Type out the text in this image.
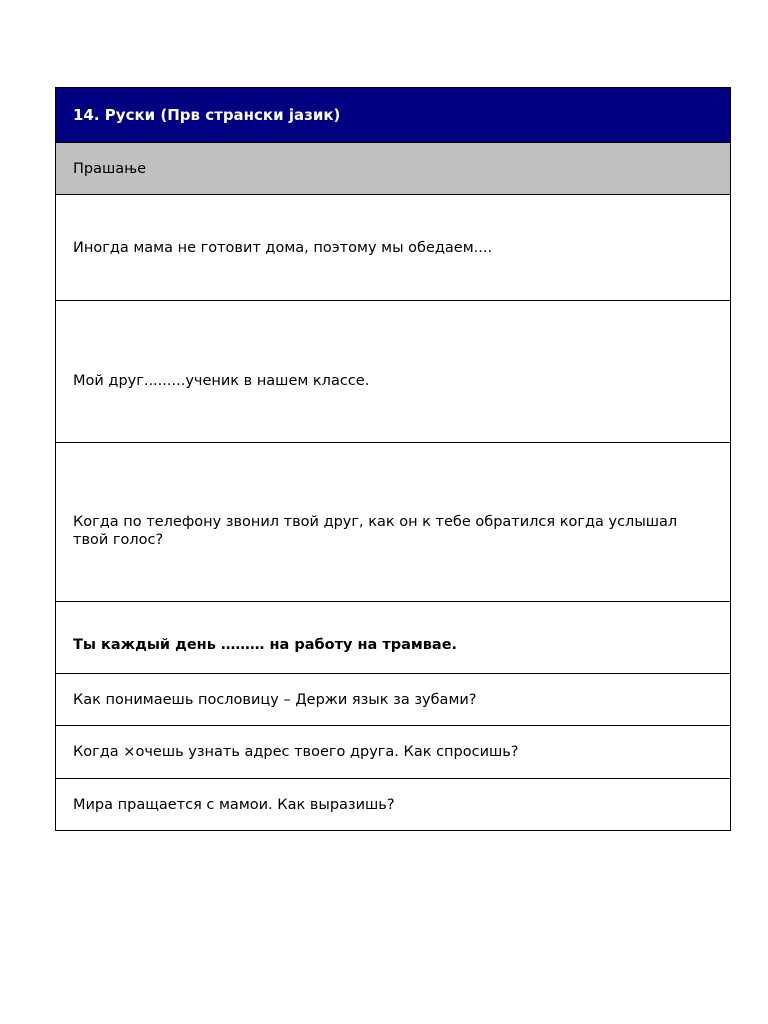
14. Руски (Прв странски јазик)
Прашање
Иногда мама не готовит дома, поэтому мы обедаем....
Мой друг.........ученик в нашем классе.
Когда по телефону звонил твой друг, как он к тебе обратился когда услышал твой голос?
Ты каждый день ……… на работу на трамвае.
Как понимаешь пословицу – Держи язык за зубами?
Когда ×очешь узнать адрес твоего друга. Как спросишь?
Мира пращается с мамои. Как выразишь?
